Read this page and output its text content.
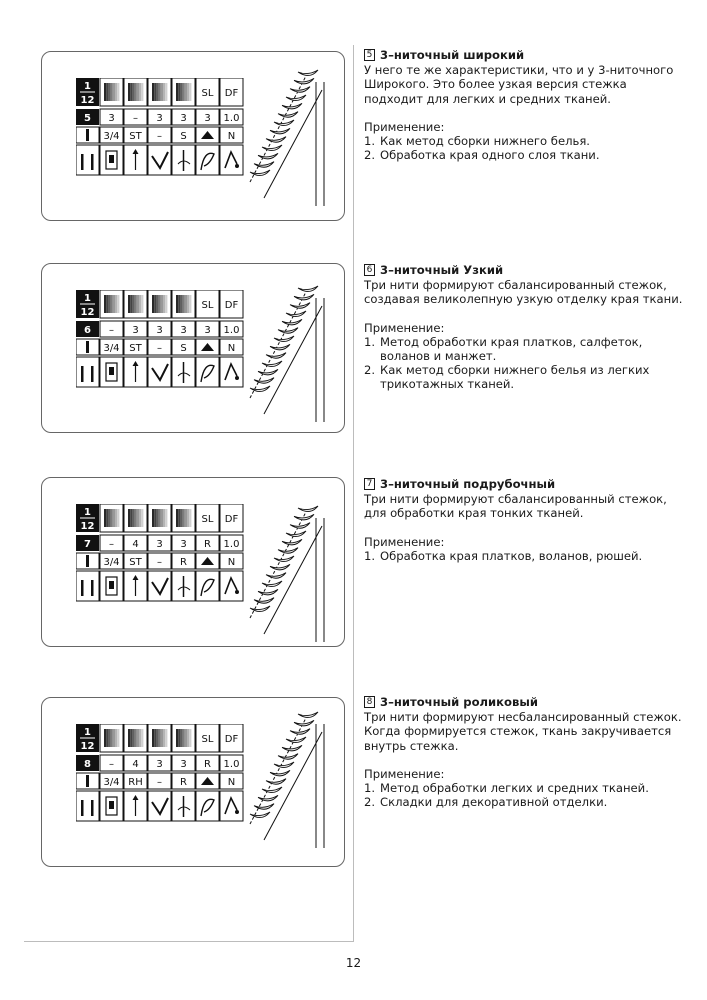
12
1
12
SL DF
5 3 – 3 3 3 1.0
3/4 ST – S	N
5 3–ниточный широкий
У него те же характеристики, что и у 3-ниточного Широкого. Это более узкая версия стежка подходит для легких и средних тканей.
Применение:
1. Как метод сборки нижнего белья.
2. Обработка края одного слоя ткани.
1
12
SL DF
6 – 3 3 3 3 1.0
3/4 ST – S	N
6 3–ниточный Узкий
Три нити формируют сбалансированный стежок, создавая великолепную узкую отделку края ткани.
Применение:
1. Метод обработки края платков, салфеток, воланов и манжет.
2. Как метод сборки нижнего белья из легких трикотажных тканей.
1
12
SL DF
7 – 4 3 3 R 1.0
3/4 ST – R	N
7 3–ниточный подрубочный
Три нити формируют сбалансированный стежок, для обработки края тонких тканей.
Применение:
1. Обработка края платков, воланов, рюшей.
1
12
SL DF
8 – 4 3 3 R 1.0
3/4 RH – R	N
8 3–ниточный роликовый
Три нити формируют несбалансированный стежок. Когда формируется стежок, ткань закручивается внутрь стежка.
Применение:
1. Метод обработки легких и средних тканей.
2. Складки для декоративной отделки.
